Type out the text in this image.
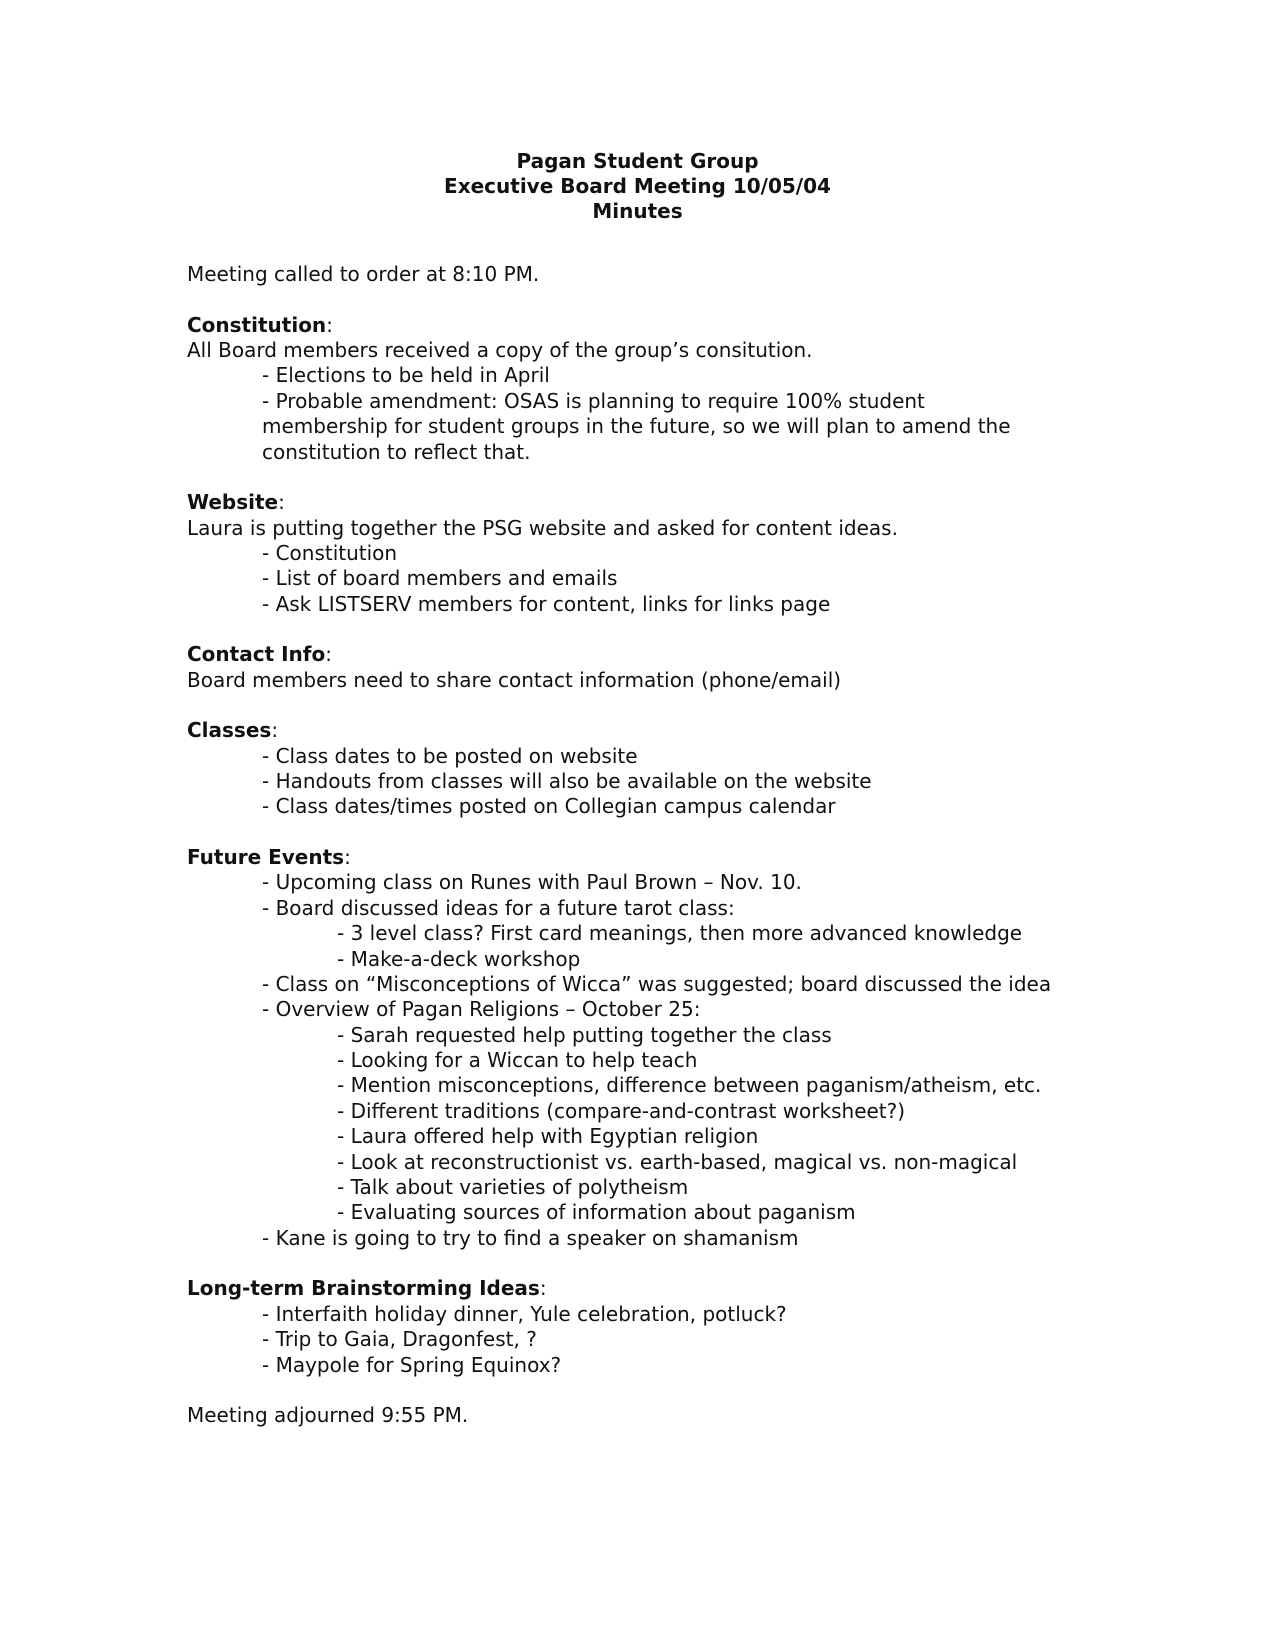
Pagan Student Group
Executive Board Meeting 10/05/04
Minutes
Meeting called to order at 8:10 PM.
Constitution:
All Board members received a copy of the group’s consitution.
- Elections to be held in April
- Probable amendment: OSAS is planning to require 100% student
membership for student groups in the future, so we will plan to amend the
constitution to reflect that.
Website:
Laura is putting together the PSG website and asked for content ideas.
- Constitution
- List of board members and emails
- Ask LISTSERV members for content, links for links page
Contact Info:
Board members need to share contact information (phone/email)
Classes:
- Class dates to be posted on website
- Handouts from classes will also be available on the website
- Class dates/times posted on Collegian campus calendar
Future Events:
- Upcoming class on Runes with Paul Brown – Nov. 10.
- Board discussed ideas for a future tarot class:
- 3 level class? First card meanings, then more advanced knowledge
- Make-a-deck workshop
- Class on “Misconceptions of Wicca” was suggested; board discussed the idea
- Overview of Pagan Religions – October 25:
- Sarah requested help putting together the class
- Looking for a Wiccan to help teach
- Mention misconceptions, difference between paganism/atheism, etc.
- Different traditions (compare-and-contrast worksheet?)
- Laura offered help with Egyptian religion
- Look at reconstructionist vs. earth-based, magical vs. non-magical
- Talk about varieties of polytheism
- Evaluating sources of information about paganism
- Kane is going to try to find a speaker on shamanism
Long-term Brainstorming Ideas:
- Interfaith holiday dinner, Yule celebration, potluck?
- Trip to Gaia, Dragonfest, ?
- Maypole for Spring Equinox?
Meeting adjourned 9:55 PM.
